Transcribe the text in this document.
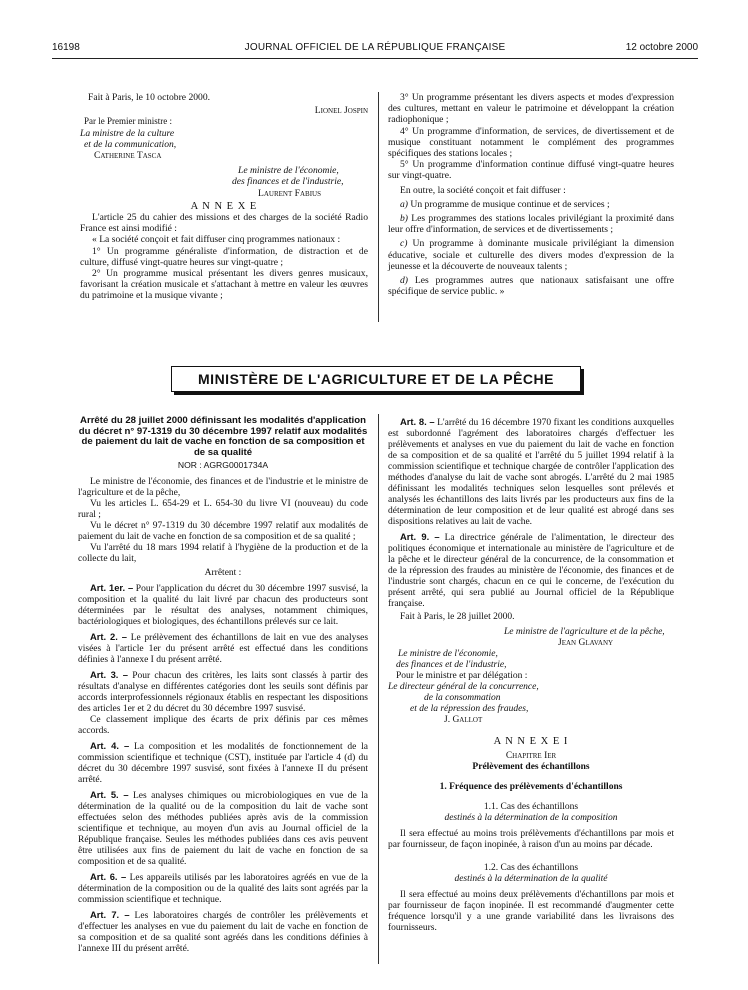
16198	JOURNAL OFFICIEL DE LA RÉPUBLIQUE FRANÇAISE	12 octobre 2000

Fait à Paris, le 10 octobre 2000.

Lionel Jospin

Par le Premier ministre :

La ministre de la culture

et de la communication,

Catherine Tasca

Le ministre de l'économie,

des finances et de l'industrie,

Laurent Fabius

A N N E X E

L'article 25 du cahier des missions et des charges de la société Radio France est ainsi modifié :

« La société conçoit et fait diffuser cinq programmes nationaux :

1° Un programme généraliste d'information, de distraction et de culture, diffusé vingt-quatre heures sur vingt-quatre ;

2° Un programme musical présentant les divers genres musicaux, favorisant la création musicale et s'attachant à mettre en valeur les œuvres du patrimoine et la musique vivante ;

3° Un programme présentant les divers aspects et modes d'expression des cultures, mettant en valeur le patrimoine et développant la création radiophonique ;

4° Un programme d'information, de services, de divertissement et de musique constituant notamment le complément des programmes spécifiques des stations locales ;

5° Un programme d'information continue diffusé vingt-quatre heures sur vingt-quatre.

En outre, la société conçoit et fait diffuser :

a) Un programme de musique continue et de services ;

b) Les programmes des stations locales privilégiant la proximité dans leur offre d'information, de services et de divertissements ;

c) Un programme à dominante musicale privilégiant la dimension éducative, sociale et culturelle des divers modes d'expression de la jeunesse et la découverte de nouveaux talents ;

d) Les programmes autres que nationaux satisfaisant une offre spécifique de service public. »

MINISTÈRE DE L'AGRICULTURE ET DE LA PÊCHE

Arrêté du 28 juillet 2000 définissant les modalités d'application du décret n° 97-1319 du 30 décembre 1997 relatif aux modalités de paiement du lait de vache en fonction de sa composition et de sa qualité

NOR : AGRG0001734A

Le ministre de l'économie, des finances et de l'industrie et le ministre de l'agriculture et de la pêche,

Vu les articles L. 654-29 et L. 654-30 du livre VI (nouveau) du code rural ;

Vu le décret n° 97-1319 du 30 décembre 1997 relatif aux modalités de paiement du lait de vache en fonction de sa composition et de sa qualité ;

Vu l'arrêté du 18 mars 1994 relatif à l'hygiène de la production et de la collecte du lait,

Arrêtent :

Art. 1er. – Pour l'application du décret du 30 décembre 1997 susvisé, la composition et la qualité du lait livré par chacun des producteurs sont déterminées par le résultat des analyses, notamment chimiques, bactériologiques et biologiques, des échantillons prélevés sur ce lait.

Art. 2. – Le prélèvement des échantillons de lait en vue des analyses visées à l'article 1er du présent arrêté est effectué dans les conditions définies à l'annexe I du présent arrêté.

Art. 3. – Pour chacun des critères, les laits sont classés à partir des résultats d'analyse en différentes catégories dont les seuils sont définis par accords interprofessionnels régionaux établis en respectant les dispositions des articles 1er et 2 du décret du 30 décembre 1997 susvisé.

Ce classement implique des écarts de prix définis par ces mêmes accords.

Art. 4. – La composition et les modalités de fonctionnement de la commission scientifique et technique (CST), instituée par l'article 4 (d) du décret du 30 décembre 1997 susvisé, sont fixées à l'annexe II du présent arrêté.

Art. 5. – Les analyses chimiques ou microbiologiques en vue de la détermination de la qualité ou de la composition du lait de vache sont effectuées selon des méthodes publiées après avis de la commission scientifique et technique, au moyen d'un avis au Journal officiel de la République française. Seules les méthodes publiées dans ces avis peuvent être utilisées aux fins de paiement du lait de vache en fonction de sa composition et de sa qualité.

Art. 6. – Les appareils utilisés par les laboratoires agréés en vue de la détermination de la composition ou de la qualité des laits sont agréés par la commission scientifique et technique.

Art. 7. – Les laboratoires chargés de contrôler les prélèvements et d'effectuer les analyses en vue du paiement du lait de vache en fonction de sa composition et de sa qualité sont agréés dans les conditions définies à l'annexe III du présent arrêté.

Art. 8. – L'arrêté du 16 décembre 1970 fixant les conditions auxquelles est subordonné l'agrément des laboratoires chargés d'effectuer les prélèvements et analyses en vue du paiement du lait de vache en fonction de sa composition et de sa qualité et l'arrêté du 5 juillet 1994 relatif à la commission scientifique et technique chargée de contrôler l'application des méthodes d'analyse du lait de vache sont abrogés. L'arrêté du 2 mai 1985 définissant les modalités techniques selon lesquelles sont prélevés et analysés les échantillons des laits livrés par les producteurs aux fins de la détermination de leur composition et de leur qualité est abrogé dans ses dispositions relatives au lait de vache.

Art. 9. – La directrice générale de l'alimentation, le directeur des politiques économique et internationale au ministère de l'agriculture et de la pêche et le directeur général de la concurrence, de la consommation et de la répression des fraudes au ministère de l'économie, des finances et de l'industrie sont chargés, chacun en ce qui le concerne, de l'exécution du présent arrêté, qui sera publié au Journal officiel de la République française.

Fait à Paris, le 28 juillet 2000.

Le ministre de l'agriculture et de la pêche,

Jean Glavany

Le ministre de l'économie,

des finances et de l'industrie,

Pour le ministre et par délégation :

Le directeur général de la concurrence,

de la consommation

et de la répression des fraudes,

J. Gallot

A N N E X E I

Chapitre Ier

Prélèvement des échantillons

1. Fréquence des prélèvements d'échantillons

1.1. Cas des échantillons

destinés à la détermination de la composition

Il sera effectué au moins trois prélèvements d'échantillons par mois et par fournisseur, de façon inopinée, à raison d'un au moins par décade.

1.2. Cas des échantillons

destinés à la détermination de la qualité

Il sera effectué au moins deux prélèvements d'échantillons par mois et par fournisseur de façon inopinée. Il est recommandé d'augmenter cette fréquence lorsqu'il y a une grande variabilité dans les livraisons des fournisseurs.
